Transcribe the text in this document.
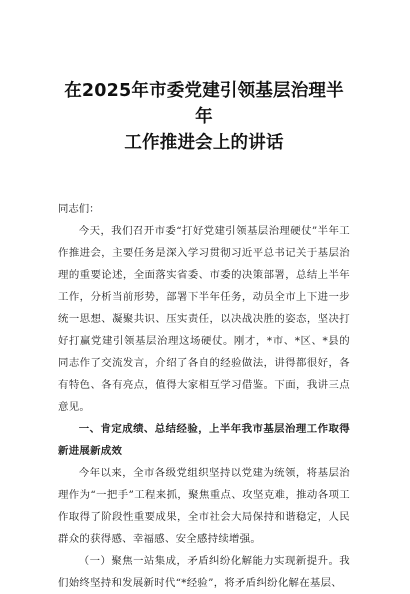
在2025年市委党建引领基层治理半年
工作推进会上的讲话

同志们：

今天，我们召开市委“打好党建引领基层治理硬仗”半年工作推进会，主要任务是深入学习贯彻习近平总书记关于基层治理的重要论述，全面落实省委、市委的决策部署，总结上半年工作，分析当前形势，部署下半年任务，动员全市上下进一步统一思想、凝聚共识、压实责任，以决战决胜的姿态，坚决打好打赢党建引领基层治理这场硬仗。刚才，*市、*区、*县的同志作了交流发言，介绍了各自的经验做法，讲得都很好，各有特色、各有亮点，值得大家相互学习借鉴。下面，我讲三点意见。

一、肯定成绩、总结经验，上半年我市基层治理工作取得新进展新成效

今年以来，全市各级党组织坚持以党建为统领，将基层治理作为“一把手”工程来抓，聚焦重点、攻坚克难，推动各项工作取得了阶段性重要成果，全市社会大局保持和谐稳定，人民群众的获得感、幸福感、安全感持续增强。

（一）聚焦一站集成，矛盾纠纷化解能力实现新提升。我们始终坚持和发展新时代“*经验”，将矛盾纠纷化解在基层、
